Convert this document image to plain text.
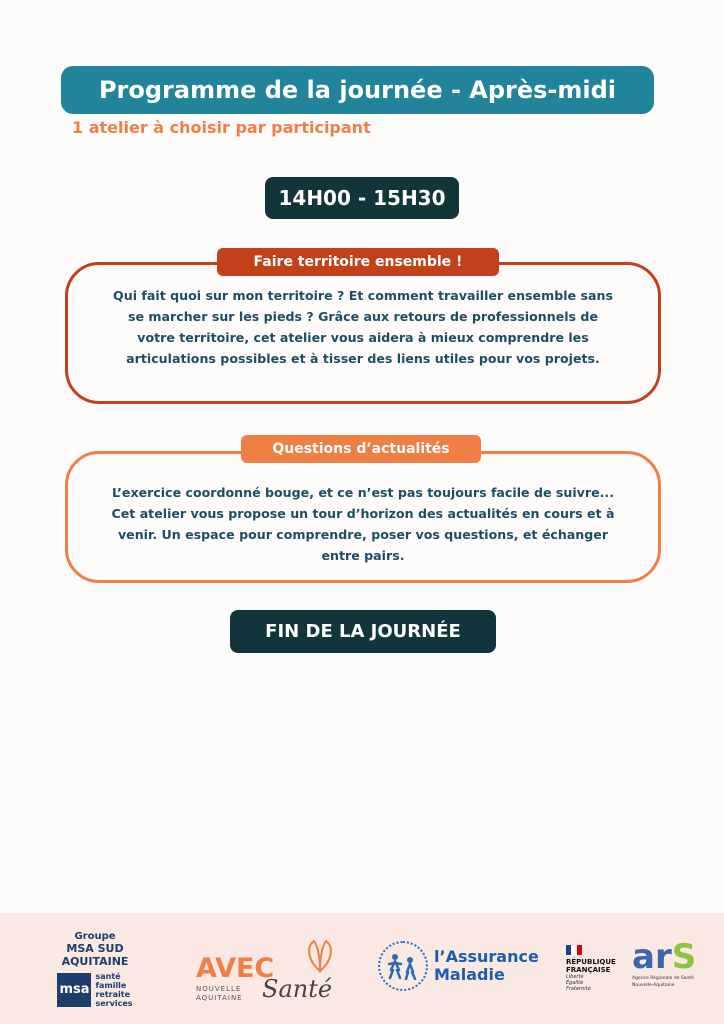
Programme de la journée - Après-midi
1 atelier à choisir par participant
14H00 - 15H30
Qui fait quoi sur mon territoire ? Et comment travailler ensemble sans se marcher sur les pieds ? Grâce aux retours de professionnels de votre territoire, cet atelier vous aidera à mieux comprendre les articulations possibles et à tisser des liens utiles pour vos projets.
Faire territoire ensemble !
L’exercice coordonné bouge, et ce n’est pas toujours facile de suivre... Cet atelier vous propose un tour d’horizon des actualités en cours et à venir. Un espace pour comprendre, poser vos questions, et échanger entre pairs.
Questions d’actualités
FIN DE LA JOURNÉE
Groupe
MSA SUD AQUITAINE
msa
santé
famille
retraite
services
AVEC
NOUVELLE
AQUITAINE Santé
l’Assurance
Maladie
RÉPUBLIQUE
FRANÇAISE
Liberté
Égalité
Fraternité
arS
Agence Régionale de Santé
Nouvelle-Aquitaine
